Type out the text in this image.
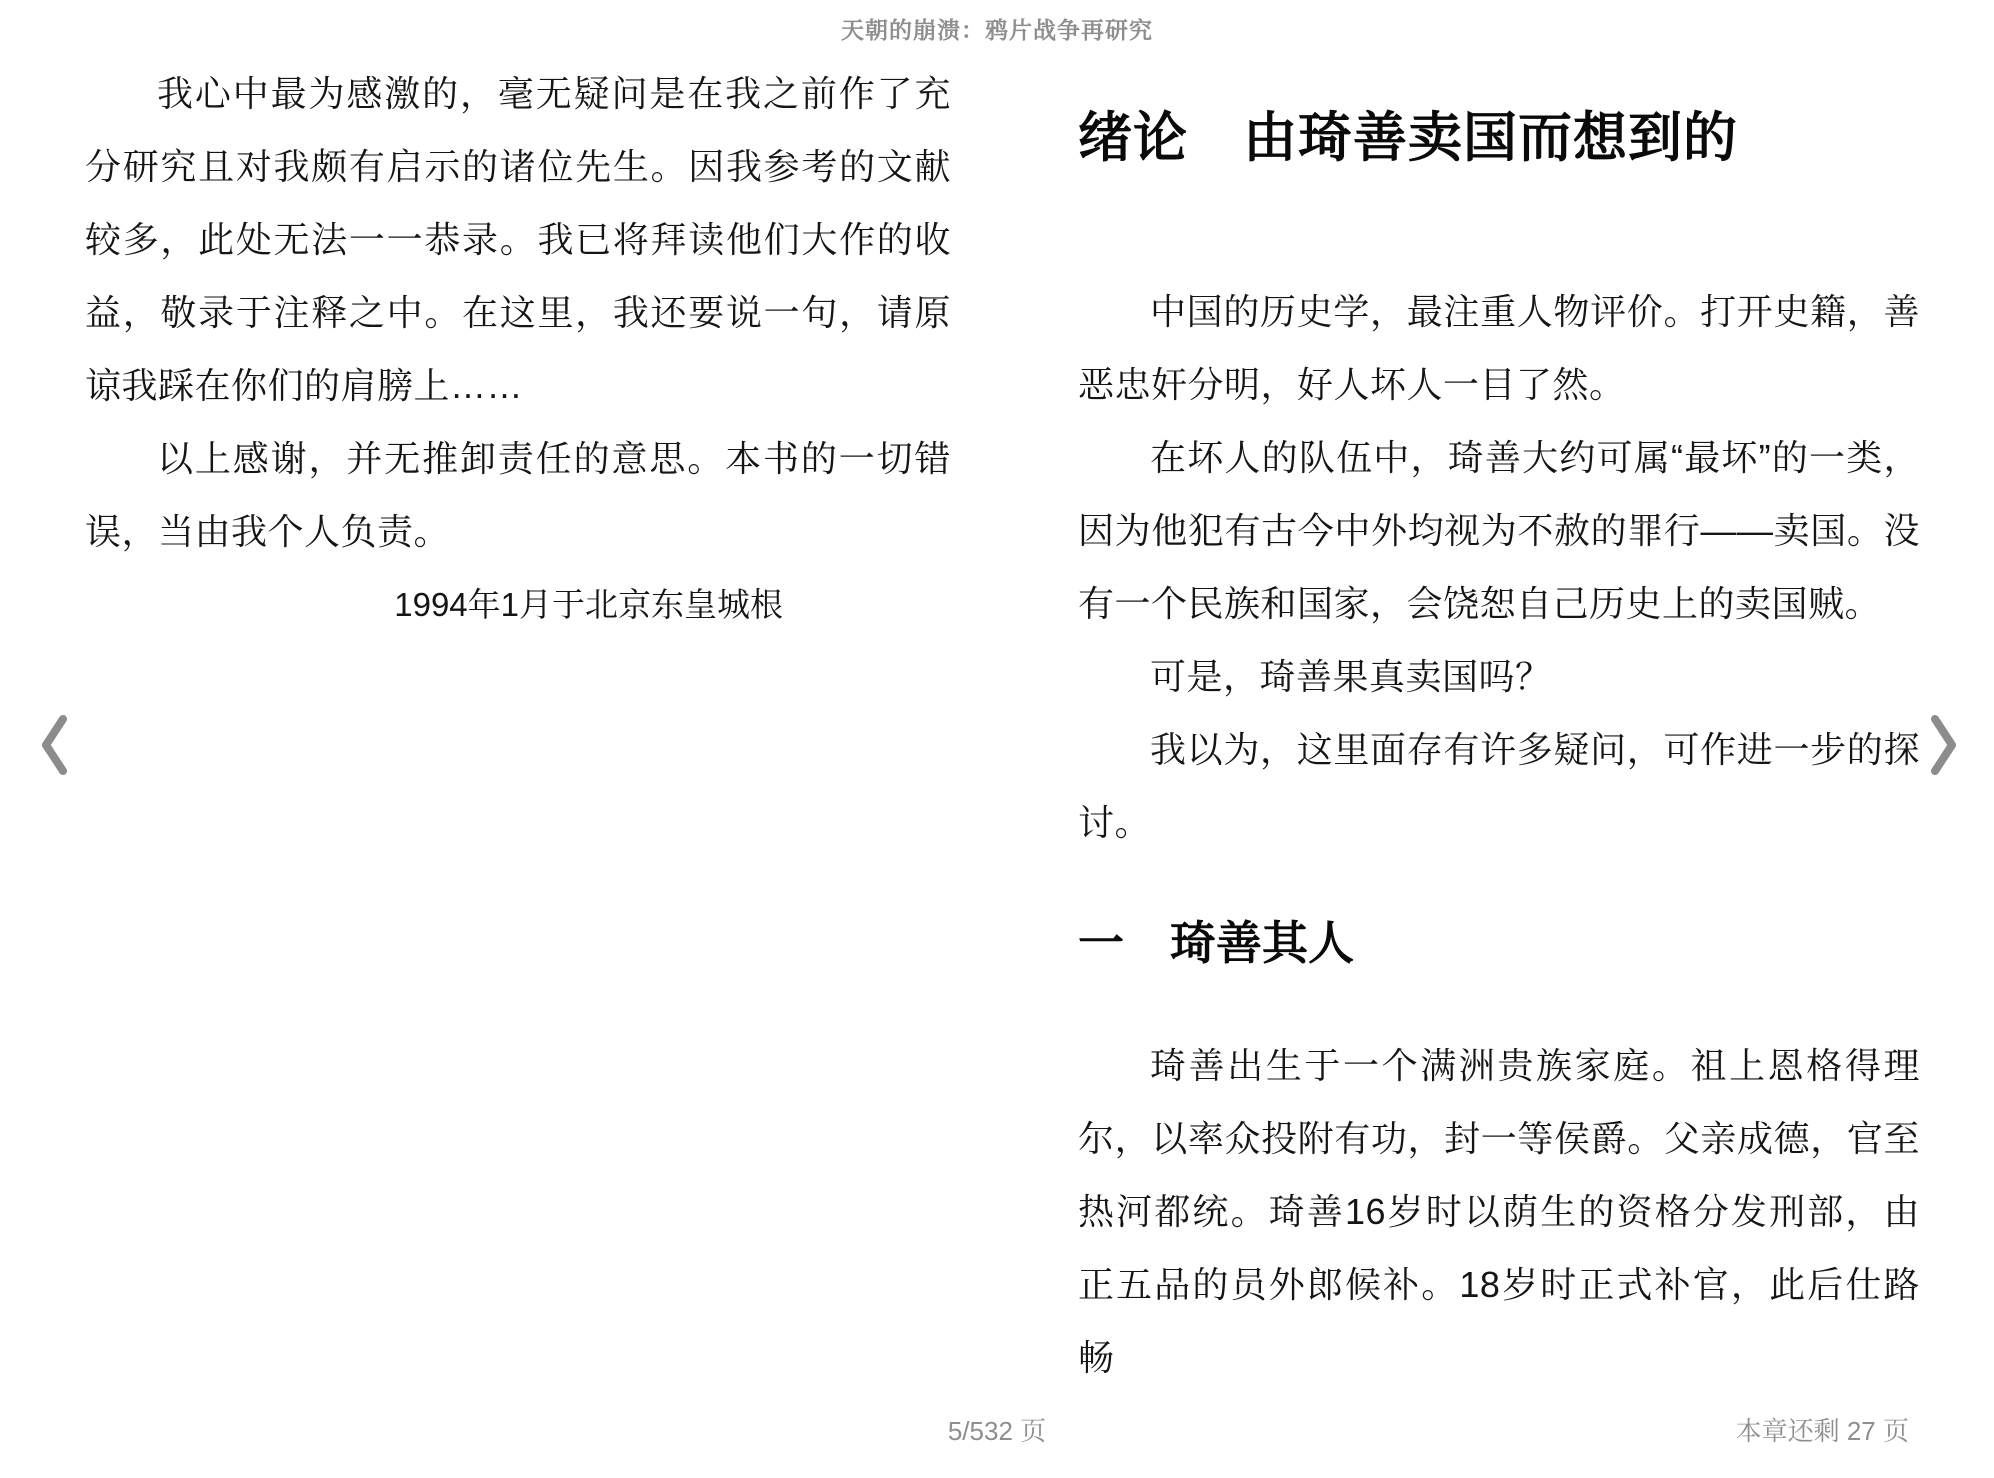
天朝的崩溃：鸦片战争再研究

我心中最为感激的，毫无疑问是在我之前作了充分研究且对我颇有启示的诸位先生。因我参考的文献较多，此处无法一一恭录。我已将拜读他们大作的收益，敬录于注释之中。在这里，我还要说一句，请原谅我踩在你们的肩膀上……

以上感谢，并无推卸责任的意思。本书的一切错误，当由我个人负责。

1994年1月于北京东皇城根

绪论　由琦善卖国而想到的

中国的历史学，最注重人物评价。打开史籍，善恶忠奸分明，好人坏人一目了然。

在坏人的队伍中，琦善大约可属“最坏”的一类，因为他犯有古今中外均视为不赦的罪行——卖国。没有一个民族和国家，会饶恕自己历史上的卖国贼。

可是，琦善果真卖国吗？

我以为，这里面存有许多疑问，可作进一步的探讨。

一　琦善其人

琦善出生于一个满洲贵族家庭。祖上恩格得理尔，以率众投附有功，封一等侯爵。父亲成德，官至热河都统。琦善16岁时以荫生的资格分发刑部，由正五品的员外郎候补。18岁时正式补官，此后仕路畅

5/532 页	本章还剩 27 页
